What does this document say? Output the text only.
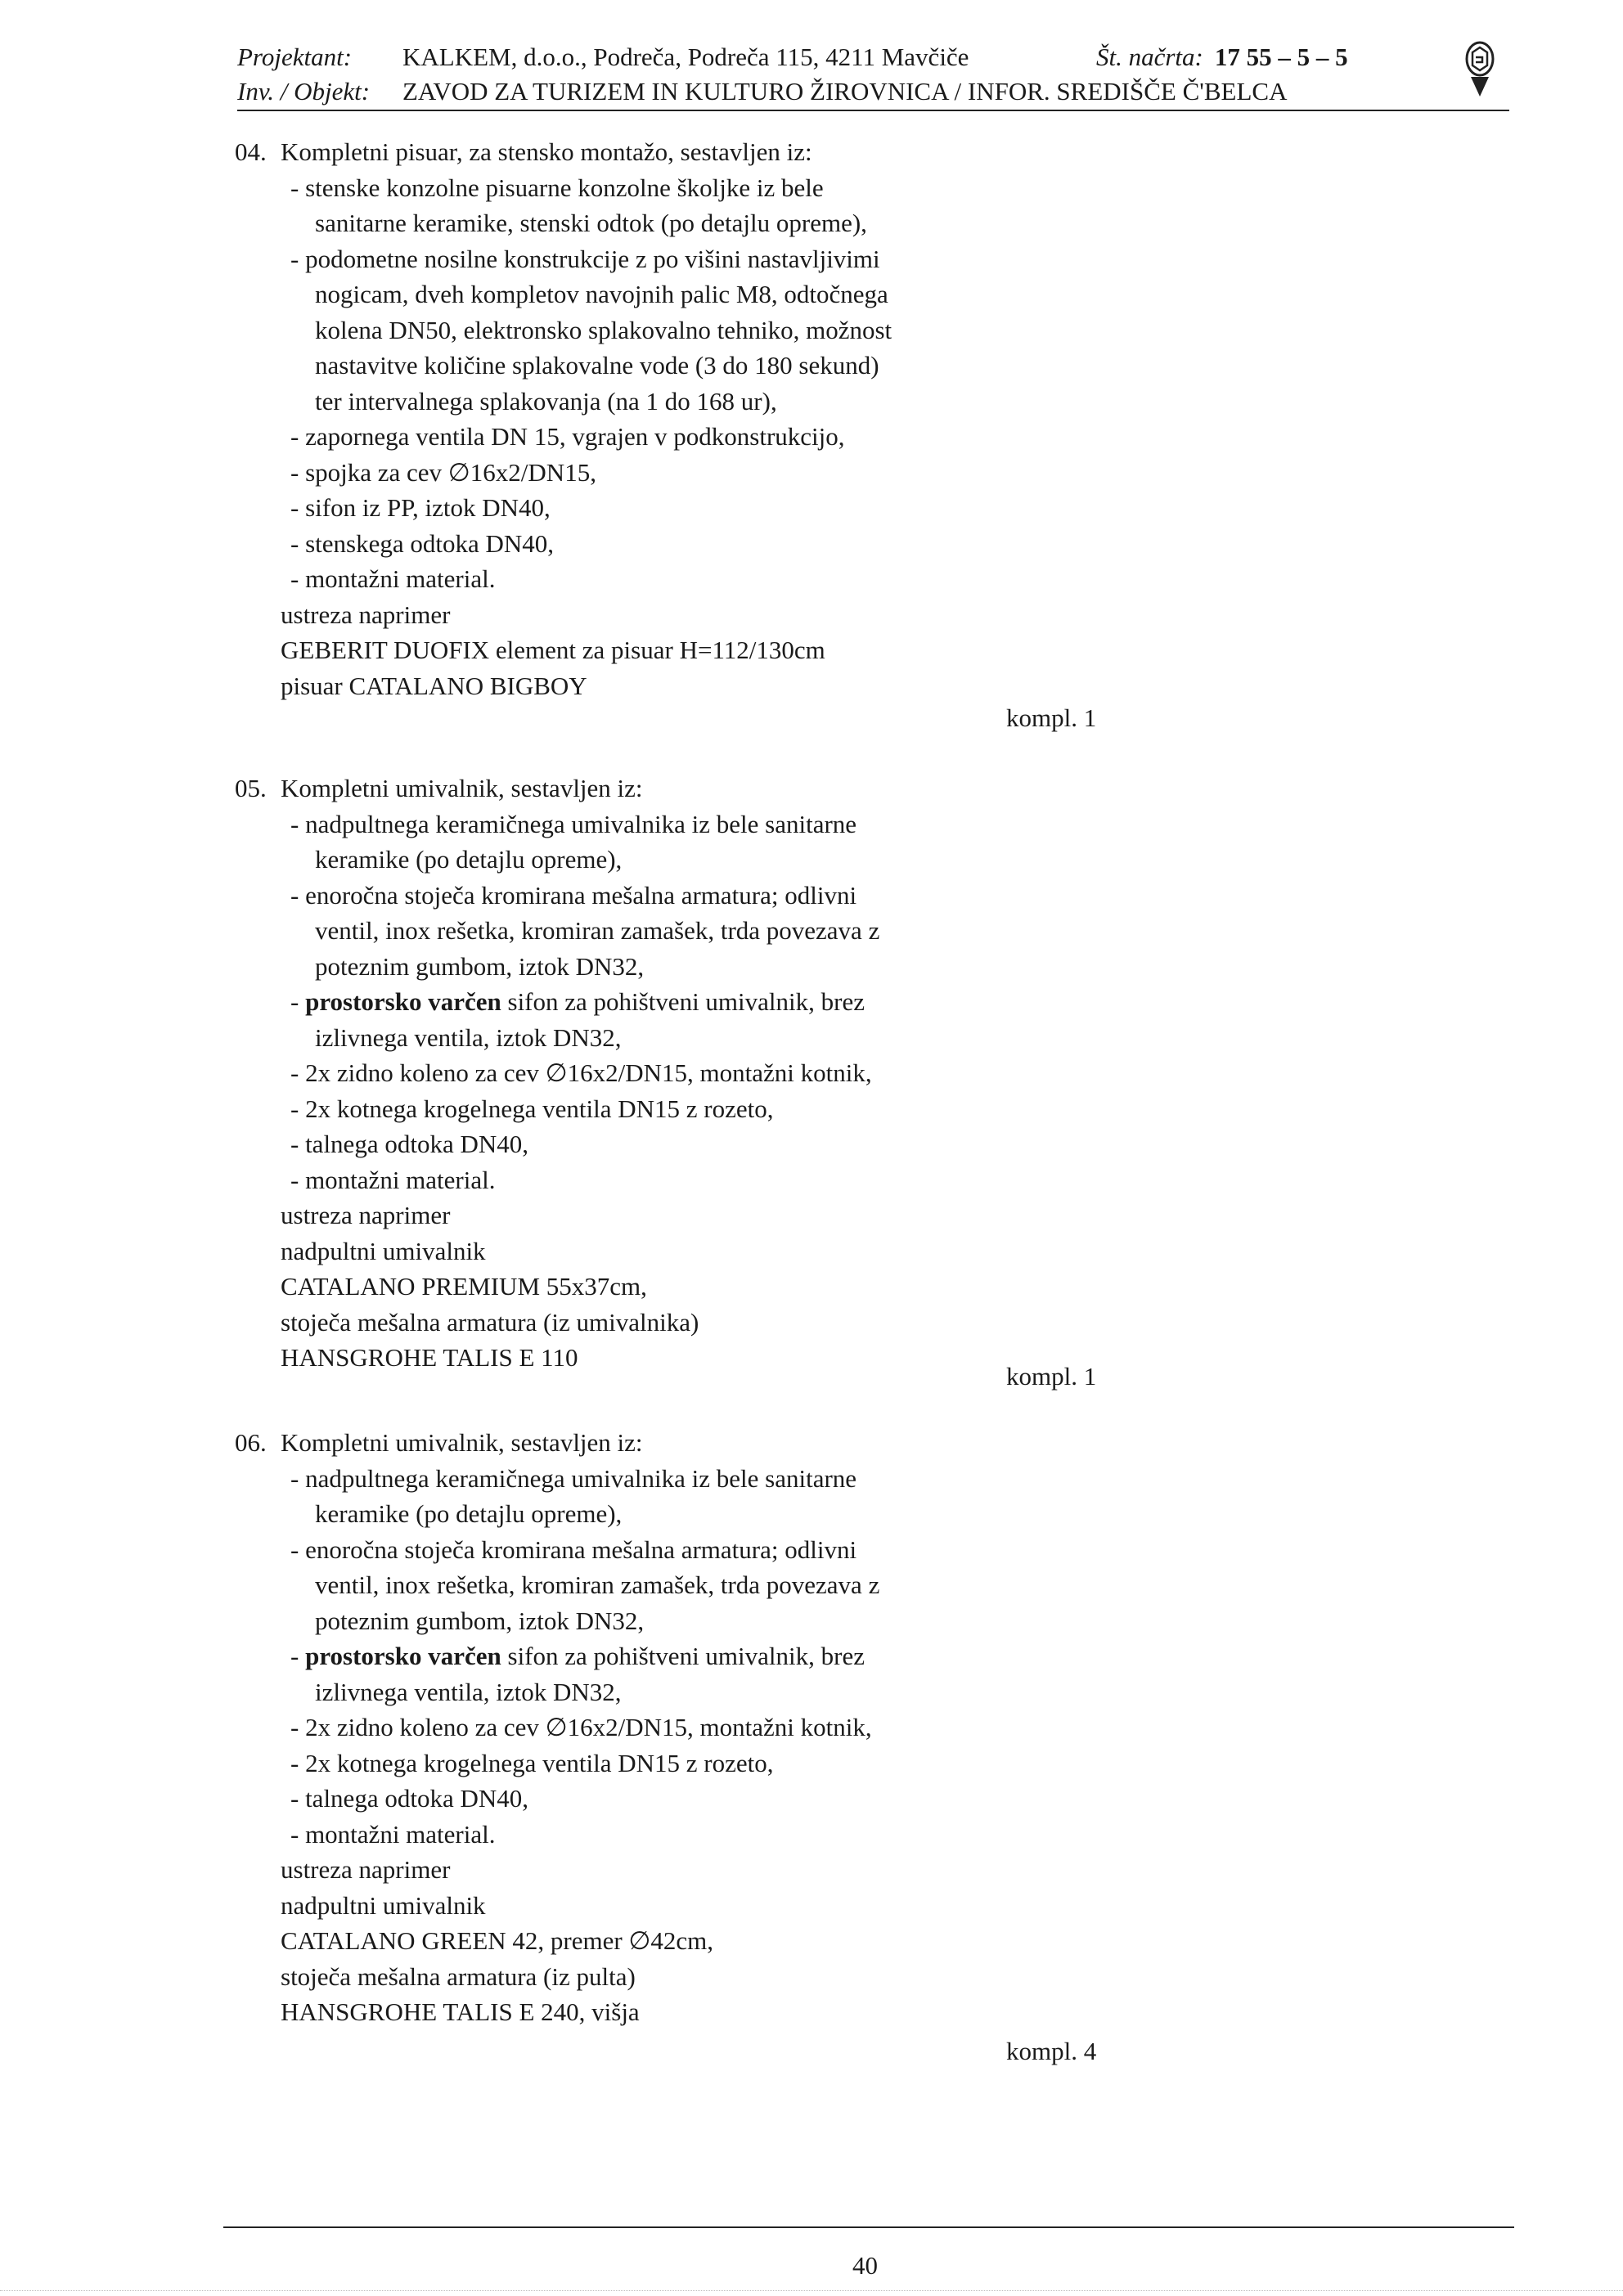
Projektant: KALKEM, d.o.o., Podreča, Podreča 115, 4211 Mavčiče	Št. načrta: 17 55 – 5 – 5
Inv. / Objekt: ZAVOD ZA TURIZEM IN KULTURO ŽIROVNICA / INFOR. SREDIŠČE Č'BELCA
04. Kompletni pisuar, za stensko montažo, sestavljen iz:
- stenske konzolne pisuarne konzolne školjke iz bele
sanitarne keramike, stenski odtok (po detajlu opreme),
- podometne nosilne konstrukcije z po višini nastavljivimi
nogicam, dveh kompletov navojnih palic M8, odtočnega
kolena DN50, elektronsko splakovalno tehniko, možnost
nastavitve količine splakovalne vode (3 do 180 sekund)
ter intervalnega splakovanja (na 1 do 168 ur),
- zapornega ventila DN 15, vgrajen v podkonstrukcijo,
- spojka za cev ∅16x2/DN15,
- sifon iz PP, iztok DN40,
- stenskega odtoka DN40,
- montažni material.
ustreza naprimer
GEBERIT DUOFIX element za pisuar H=112/130cm
pisuar CATALANO BIGBOY
kompl. 1
05. Kompletni umivalnik, sestavljen iz:
- nadpultnega keramičnega umivalnika iz bele sanitarne
keramike (po detajlu opreme),
- enoročna stoječa kromirana mešalna armatura; odlivni
ventil, inox rešetka, kromiran zamašek, trda povezava z
poteznim gumbom, iztok DN32,
- prostorsko varčen sifon za pohištveni umivalnik, brez
izlivnega ventila, iztok DN32,
- 2x zidno koleno za cev ∅16x2/DN15, montažni kotnik,
- 2x kotnega krogelnega ventila DN15 z rozeto,
- talnega odtoka DN40,
- montažni material.
ustreza naprimer
nadpultni umivalnik
CATALANO PREMIUM 55x37cm,
stoječa mešalna armatura (iz umivalnika)
HANSGROHE TALIS E 110
kompl. 1
06. Kompletni umivalnik, sestavljen iz:
- nadpultnega keramičnega umivalnika iz bele sanitarne
keramike (po detajlu opreme),
- enoročna stoječa kromirana mešalna armatura; odlivni
ventil, inox rešetka, kromiran zamašek, trda povezava z
poteznim gumbom, iztok DN32,
- prostorsko varčen sifon za pohištveni umivalnik, brez
izlivnega ventila, iztok DN32,
- 2x zidno koleno za cev ∅16x2/DN15, montažni kotnik,
- 2x kotnega krogelnega ventila DN15 z rozeto,
- talnega odtoka DN40,
- montažni material.
ustreza naprimer
nadpultni umivalnik
CATALANO GREEN 42, premer ∅42cm,
stoječa mešalna armatura (iz pulta)
HANSGROHE TALIS E 240, višja
kompl. 4
40
